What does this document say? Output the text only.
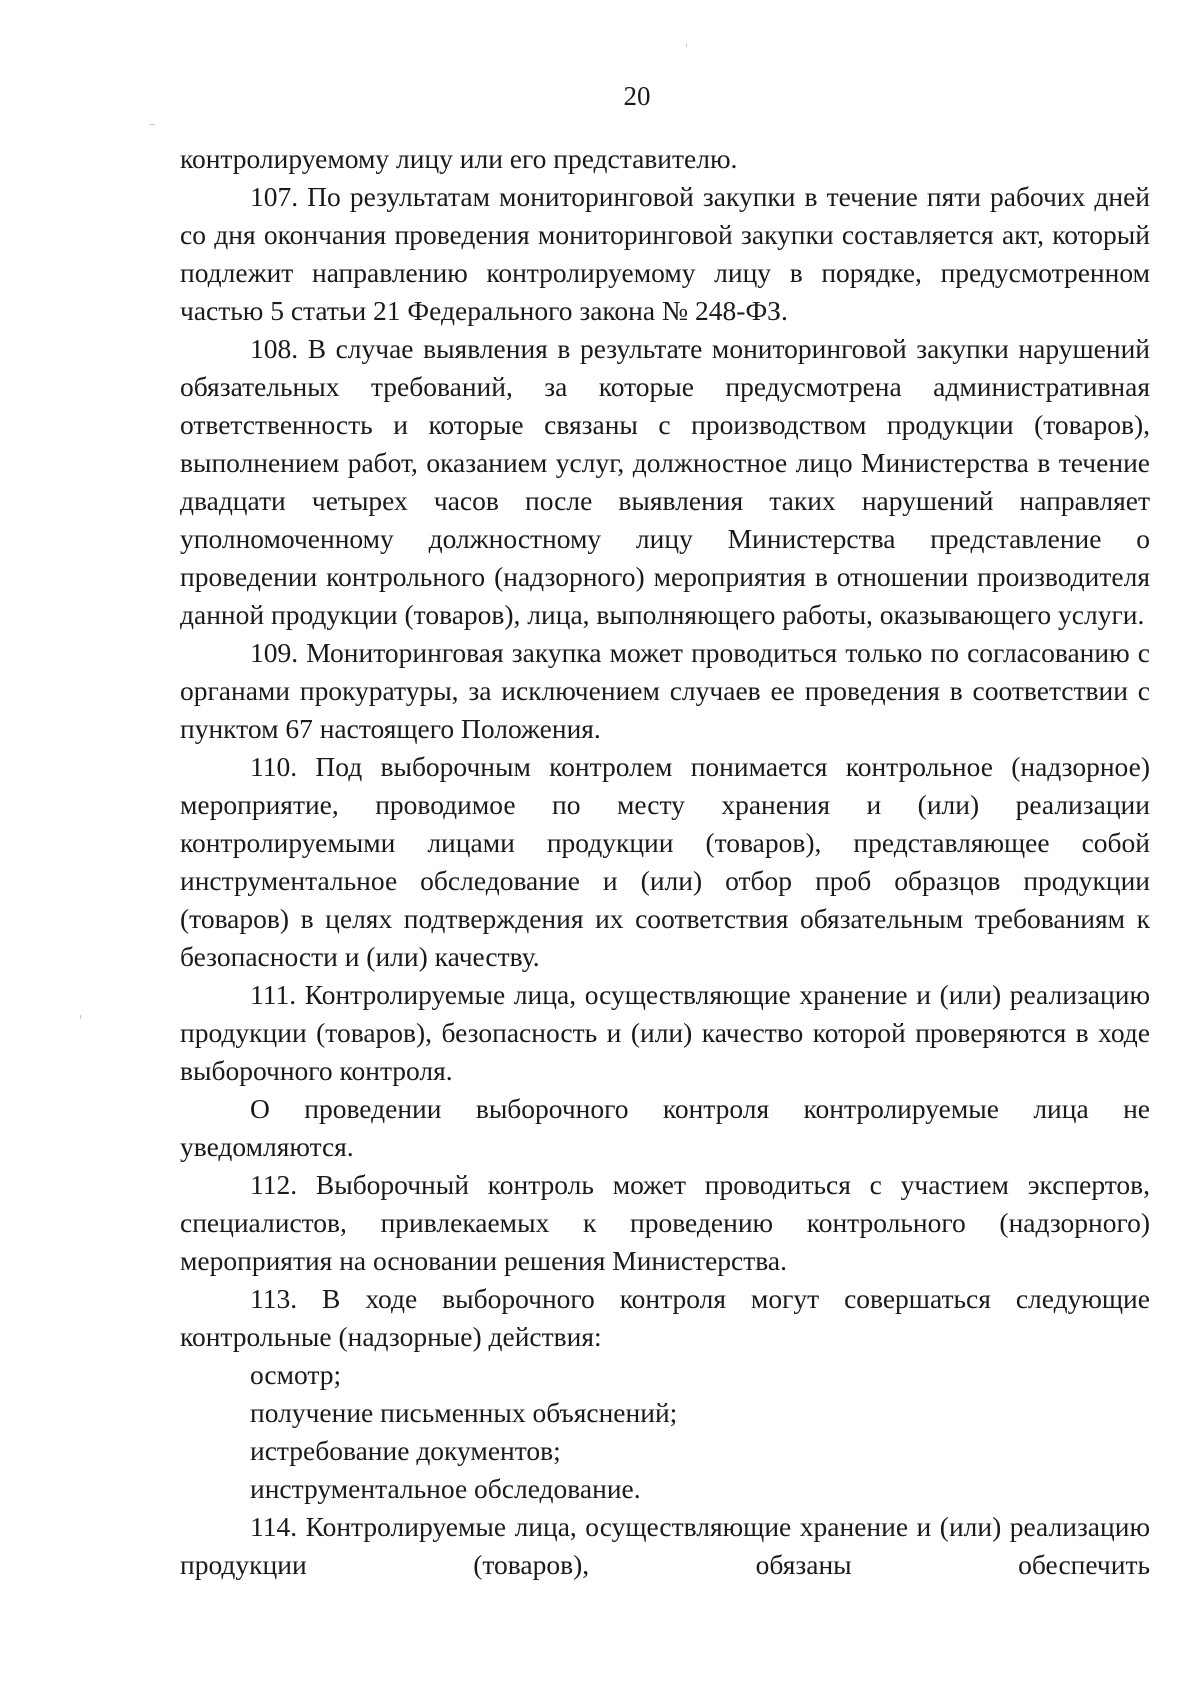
20

контролируемому лицу или его представителю.

107. По результатам мониторинговой закупки в течение пяти рабочих дней со дня окончания проведения мониторинговой закупки составляется акт, который подлежит направлению контролируемому лицу в порядке, предусмотренном частью 5 статьи 21 Федерального закона № 248-ФЗ.

108. В случае выявления в результате мониторинговой закупки нарушений обязательных требований, за которые предусмотрена административная ответственность и которые связаны с производством продукции (товаров), выполнением работ, оказанием услуг, должностное лицо Министерства в течение двадцати четырех часов после выявления таких нарушений направляет уполномоченному должностному лицу Министерства представление о проведении контрольного (надзорного) мероприятия в отношении производителя данной продукции (товаров), лица, выполняющего работы, оказывающего услуги.

109. Мониторинговая закупка может проводиться только по согласованию с органами прокуратуры, за исключением случаев ее проведения в соответствии с пунктом 67 настоящего Положения.

110. Под выборочным контролем понимается контрольное (надзорное) мероприятие, проводимое по месту хранения и (или) реализации контролируемыми лицами продукции (товаров), представляющее собой инструментальное обследование и (или) отбор проб образцов продукции (товаров) в целях подтверждения их соответствия обязательным требованиям к безопасности и (или) качеству.

111. Контролируемые лица, осуществляющие хранение и (или) реализацию продукции (товаров), безопасность и (или) качество которой проверяются в ходе выборочного контроля.

О проведении выборочного контроля контролируемые лица не уведомляются.

112. Выборочный контроль может проводиться с участием экспертов, специалистов, привлекаемых к проведению контрольного (надзорного) мероприятия на основании решения Министерства.

113. В ходе выборочного контроля могут совершаться следующие контрольные (надзорные) действия:

осмотр;

получение письменных объяснений;

истребование документов;

инструментальное обследование.

114. Контролируемые лица, осуществляющие хранение и (или) реализацию продукции (товаров), обязаны обеспечить
